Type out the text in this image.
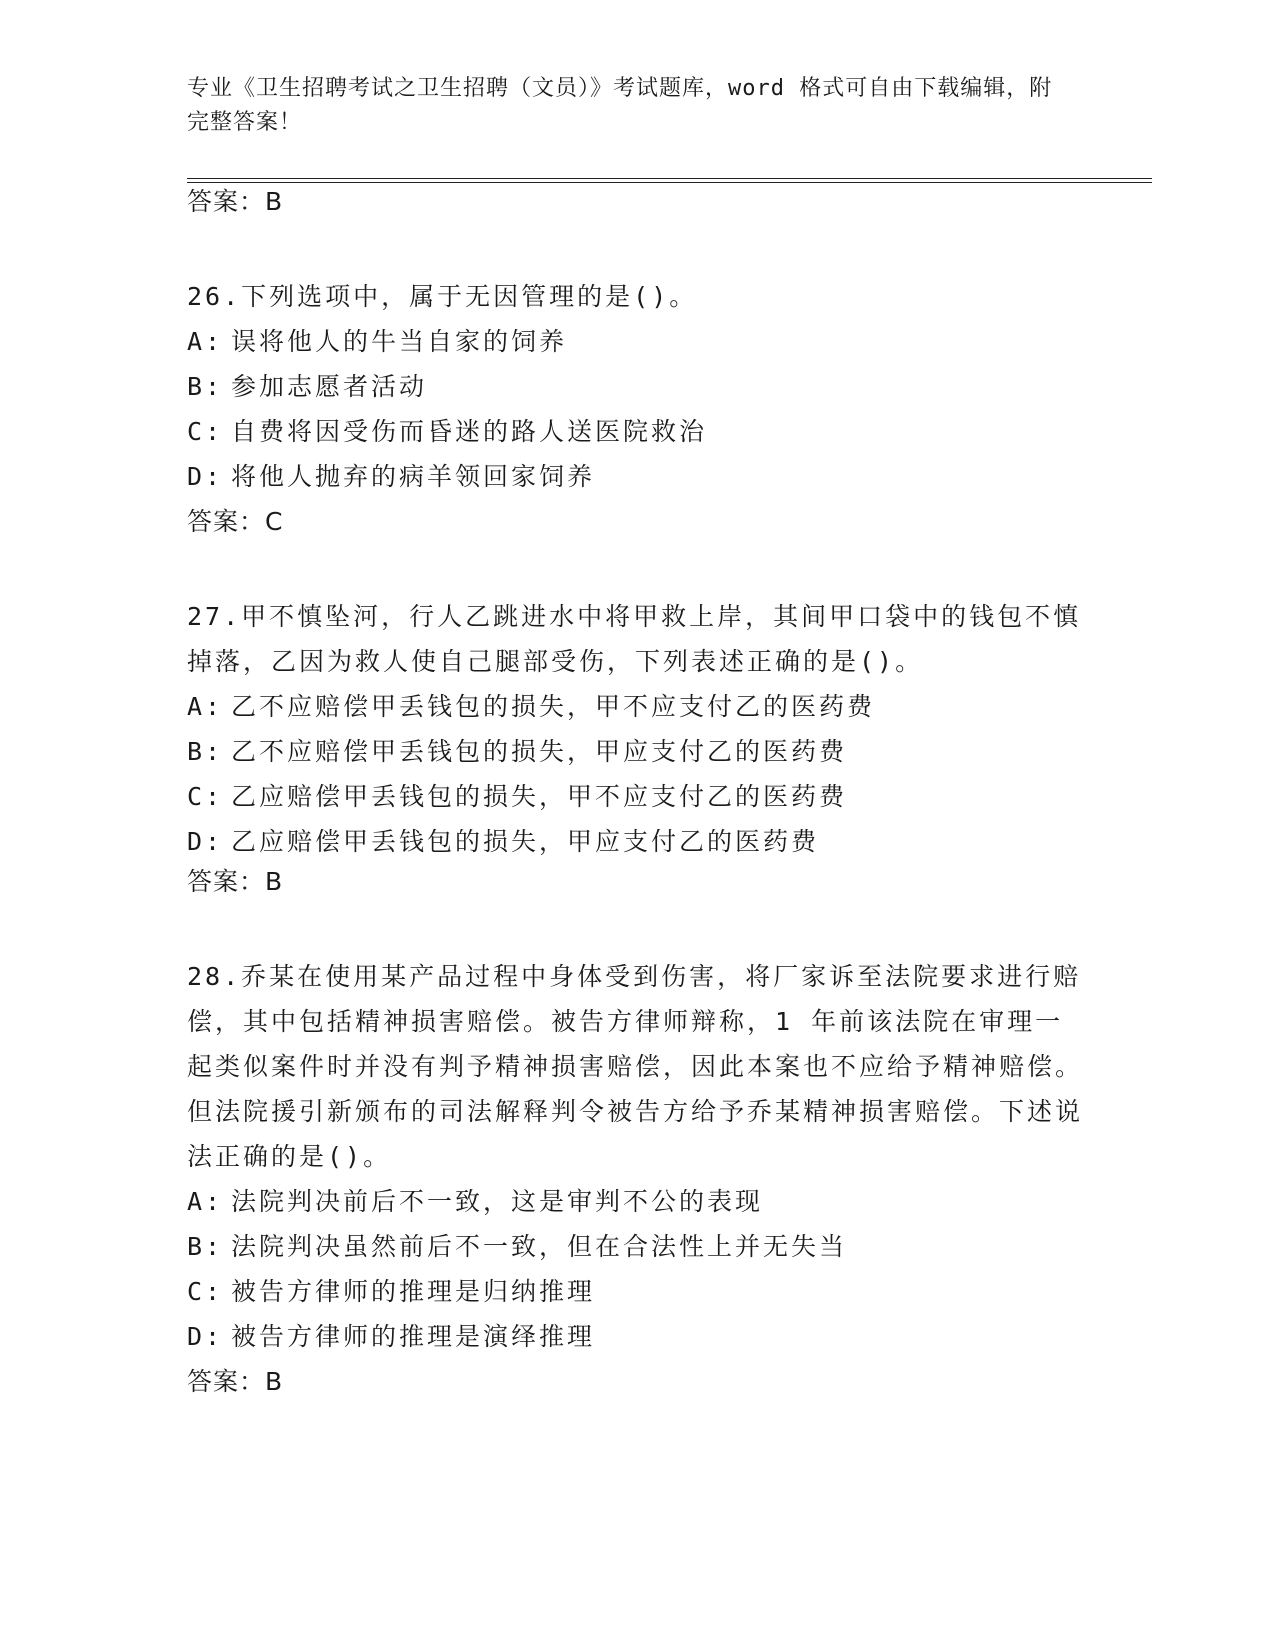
专业《卫生招聘考试之卫生招聘（文员）》考试题库，word 格式可自由下载编辑，附完整答案！
答案：B

26.下列选项中，属于无因管理的是()。

A: 误将他人的牛当自家的饲养

B: 参加志愿者活动

C: 自费将因受伤而昏迷的路人送医院救治

D: 将他人抛弃的病羊领回家饲养

答案：C

27.甲不慎坠河，行人乙跳进水中将甲救上岸，其间甲口袋中的钱包不慎掉落，乙因为救人使自己腿部受伤，下列表述正确的是()。

A: 乙不应赔偿甲丢钱包的损失，甲不应支付乙的医药费

B: 乙不应赔偿甲丢钱包的损失，甲应支付乙的医药费

C: 乙应赔偿甲丢钱包的损失，甲不应支付乙的医药费

D: 乙应赔偿甲丢钱包的损失，甲应支付乙的医药费

答案：B

28.乔某在使用某产品过程中身体受到伤害，将厂家诉至法院要求进行赔偿，其中包括精神损害赔偿。被告方律师辩称，1 年前该法院在审理一起类似案件时并没有判予精神损害赔偿，因此本案也不应给予精神赔偿。但法院援引新颁布的司法解释判令被告方给予乔某精神损害赔偿。下述说法正确的是()。

A: 法院判决前后不一致，这是审判不公的表现

B: 法院判决虽然前后不一致，但在合法性上并无失当

C: 被告方律师的推理是归纳推理

D: 被告方律师的推理是演绎推理

答案：B
